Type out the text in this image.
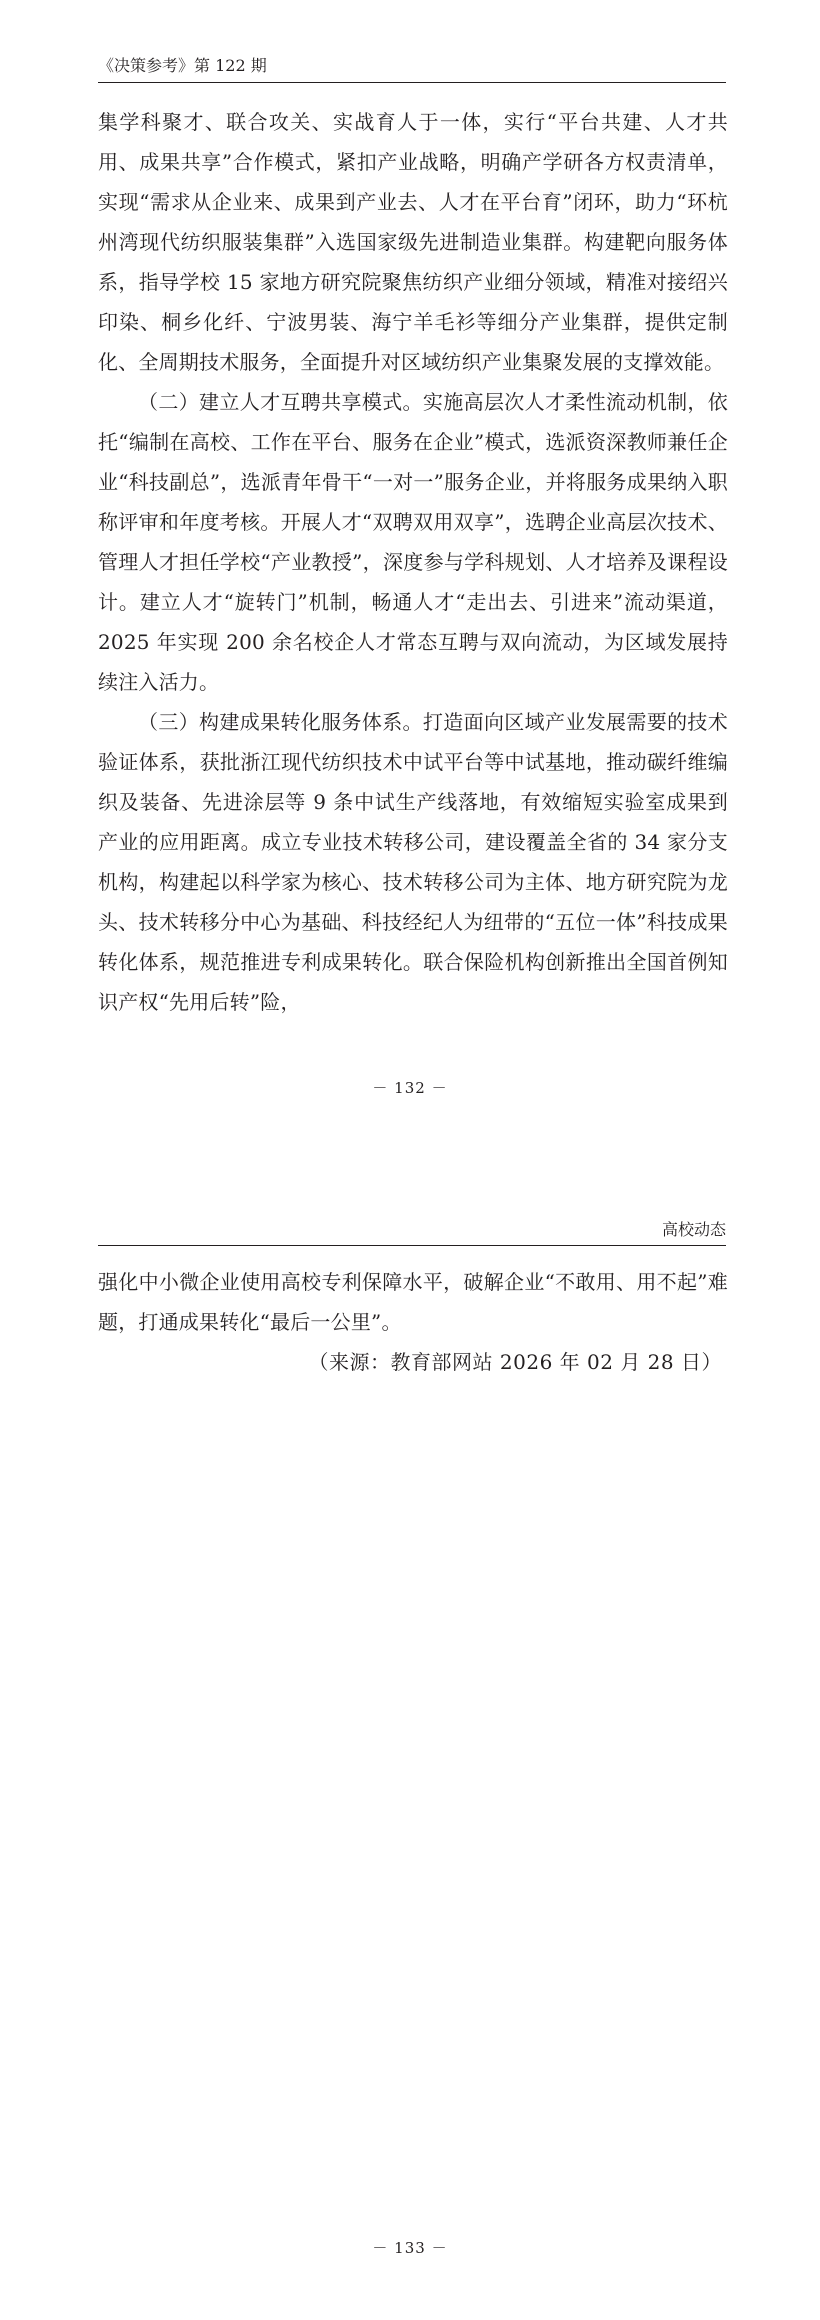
《决策参考》第 122 期

集学科聚才、联合攻关、实战育人于一体，实行“平台共建、人才共用、成果共享”合作模式，紧扣产业战略，明确产学研各方权责清单，实现“需求从企业来、成果到产业去、人才在平台育”闭环，助力“环杭州湾现代纺织服装集群”入选国家级先进制造业集群。构建靶向服务体系，指导学校 15 家地方研究院聚焦纺织产业细分领域，精准对接绍兴印染、桐乡化纤、宁波男装、海宁羊毛衫等细分产业集群，提供定制化、全周期技术服务，全面提升对区域纺织产业集聚发展的支撑效能。

（二）建立人才互聘共享模式。实施高层次人才柔性流动机制，依托“编制在高校、工作在平台、服务在企业”模式，选派资深教师兼任企业“科技副总”，选派青年骨干“一对一”服务企业，并将服务成果纳入职称评审和年度考核。开展人才“双聘双用双享”，选聘企业高层次技术、管理人才担任学校“产业教授”，深度参与学科规划、人才培养及课程设计。建立人才“旋转门”机制，畅通人才“走出去、引进来”流动渠道，2025 年实现 200 余名校企人才常态互聘与双向流动，为区域发展持续注入活力。

（三）构建成果转化服务体系。打造面向区域产业发展需要的技术验证体系，获批浙江现代纺织技术中试平台等中试基地，推动碳纤维编织及装备、先进涂层等 9 条中试生产线落地，有效缩短实验室成果到产业的应用距离。成立专业技术转移公司，建设覆盖全省的 34 家分支机构，构建起以科学家为核心、技术转移公司为主体、地方研究院为龙头、技术转移分中心为基础、科技经纪人为纽带的“五位一体”科技成果转化体系，规范推进专利成果转化。联合保险机构创新推出全国首例知识产权“先用后转”险，

－ 132 －
高校动态

强化中小微企业使用高校专利保障水平，破解企业“不敢用、用不起”难题，打通成果转化“最后一公里”。

（来源：教育部网站 2026 年 02 月 28 日）
－ 133 －
